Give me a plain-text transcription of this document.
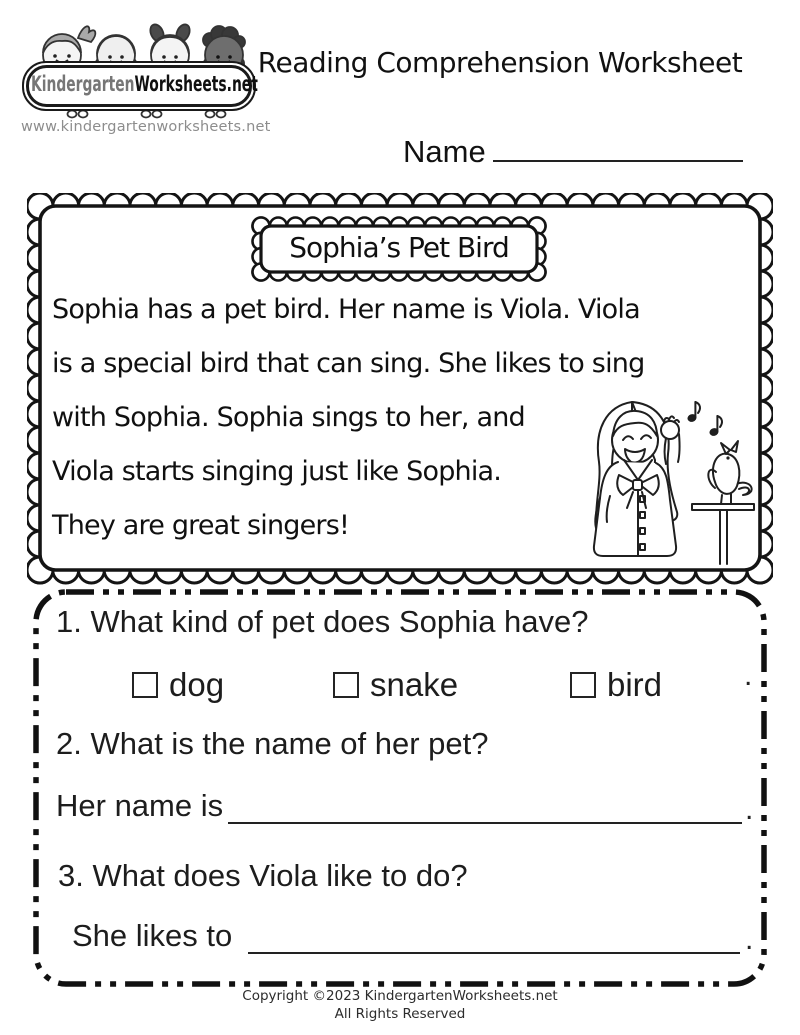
KindergartenWorksheets.net
www.kindergartenworksheets.net
Reading Comprehension Worksheet
Name
Sophia’s Pet Bird
Sophia has a pet bird. Her name is Viola. Viola
is a special bird that can sing. She likes to sing
with Sophia. Sophia sings to her, and
Viola starts singing just like Sophia.
They are great singers!
1. What kind of pet does Sophia have?
dog	snake	bird	.
2. What is the name of her pet?
Her name is	.
3. What does Viola like to do?
She likes to	.
Copyright ©2023 KindergartenWorksheets.net
All Rights Reserved
